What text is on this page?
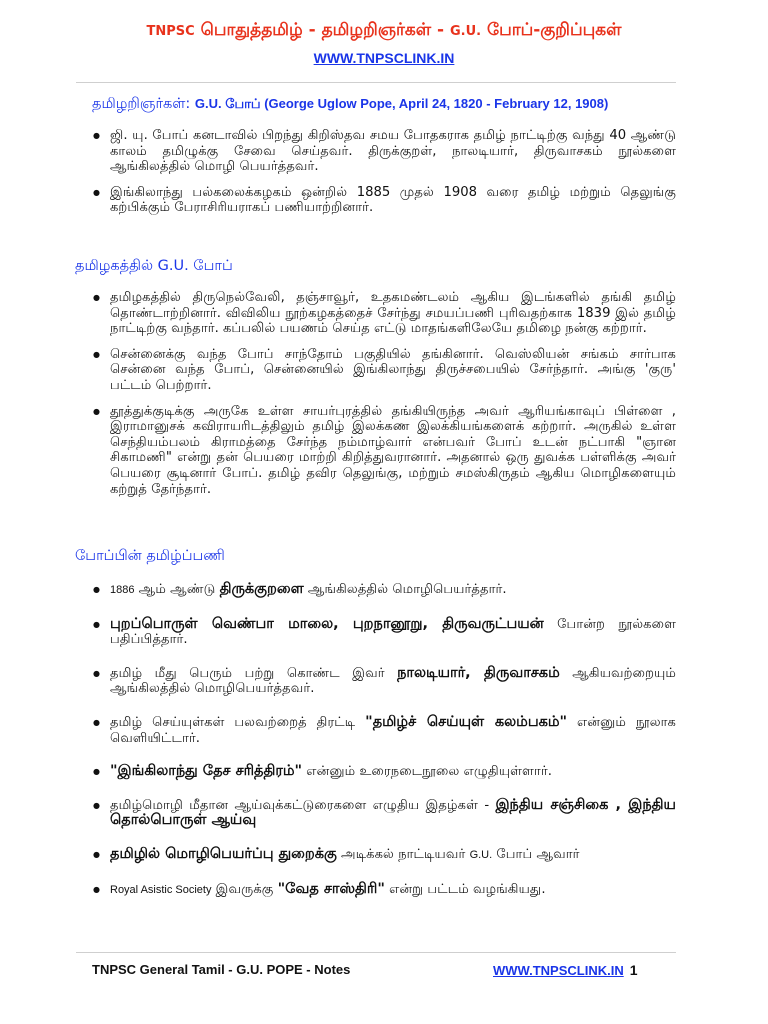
TNPSC பொதுத்தமிழ் - தமிழறிஞர்கள் - G.U. போப்-குறிப்புகள்
WWW.TNPSCLINK.IN
தமிழறிஞர்கள்: G.U. போப் (George Uglow Pope, April 24, 1820 - February 12, 1908)
● ஜி. யு. போப் கனடாவில் பிறந்து கிறிஸ்தவ சமய போதகராக தமிழ் நாட்டிற்கு வந்து 40 ஆண்டு காலம் தமிழுக்கு சேவை செய்தவர். திருக்குறள், நாலடியார், திருவாசகம் நூல்களை ஆங்கிலத்தில் மொழி பெயர்த்தவர்.
● இங்கிலாந்து பல்கலைக்கழகம் ஒன்றில் 1885 முதல் 1908 வரை தமிழ் மற்றும் தெலுங்கு கற்பிக்கும் பேராசிரியராகப் பணியாற்றினார்.
தமிழகத்தில் G.U. போப்
● தமிழகத்தில் திருநெல்வேலி, தஞ்சாவூர், உதகமண்டலம் ஆகிய இடங்களில் தங்கி தமிழ் தொண்டாற்றினார். விவிலிய நூற்கழகத்தைச் சேர்ந்து சமயப்பணி புரிவதற்காக 1839 இல் தமிழ் நாட்டிற்கு வந்தார். கப்பலில் பயணம் செய்த எட்டு மாதங்களிலேயே தமிழை நன்கு கற்றார்.
● சென்னைக்கு வந்த போப் சாந்தோம் பகுதியில் தங்கினார். வெஸ்லியன் சங்கம் சார்பாக சென்னை வந்த போப், சென்னையில் இங்கிலாந்து திருச்சபையில் சேர்ந்தார். அங்கு 'குரு' பட்டம் பெற்றார்.
● தூத்துக்குடிக்கு அருகே உள்ள சாயர்புரத்தில் தங்கியிருந்த அவர் ஆரியங்காவுப் பிள்ளை , இராமானுசக் கவிராயரிடத்திலும் தமிழ் இலக்கண இலக்கியங்களைக் கற்றார். அருகில் உள்ள செந்தியம்பலம் கிராமத்தை சேர்ந்த நம்மாழ்வார் என்பவர் போப் உடன் நட்பாகி "ஞான சிகாமணி" என்று தன் பெயரை மாற்றி கிறித்துவரானார். அதனால் ஒரு துவக்க பள்ளிக்கு அவர் பெயரை சூடினார் போப். தமிழ் தவிர தெலுங்கு, மற்றும் சமஸ்கிருதம் ஆகிய மொழிகளையும் கற்றுத் தேர்ந்தார்.
போப்பின் தமிழ்ப்பணி
● 1886 ஆம் ஆண்டு திருக்குறளை ஆங்கிலத்தில் மொழிபெயர்த்தார்.
● புறப்பொருள் வெண்பா மாலை, புறநானூறு, திருவருட்பயன் போன்ற நூல்களை பதிப்பித்தார்.
● தமிழ் மீது பெரும் பற்று கொண்ட இவர் நாலடியார், திருவாசகம் ஆகியவற்றையும் ஆங்கிலத்தில் மொழிபெயர்த்தவர்.
● தமிழ் செய்யுள்கள் பலவற்றைத் திரட்டி "தமிழ்ச் செய்யுள் கலம்பகம்" என்னும் நூலாக வெளியிட்டார்.
● "இங்கிலாந்து தேச சரித்திரம்" என்னும் உரைநடைநூலை எழுதியுள்ளார்.
● தமிழ்மொழி மீதான ஆய்வுக்கட்டுரைகளை எழுதிய இதழ்கள் - இந்திய சஞ்சிகை , இந்திய தொல்பொருள் ஆய்வு
● தமிழில் மொழிபெயர்ப்பு துறைக்கு அடிக்கல் நாட்டியவர் G.U. போப் ஆவார்
● Royal Asistic Society இவருக்கு "வேத சாஸ்திரி" என்று பட்டம் வழங்கியது.
TNPSC General Tamil - G.U. POPE - Notes	WWW.TNPSCLINK.IN 1
